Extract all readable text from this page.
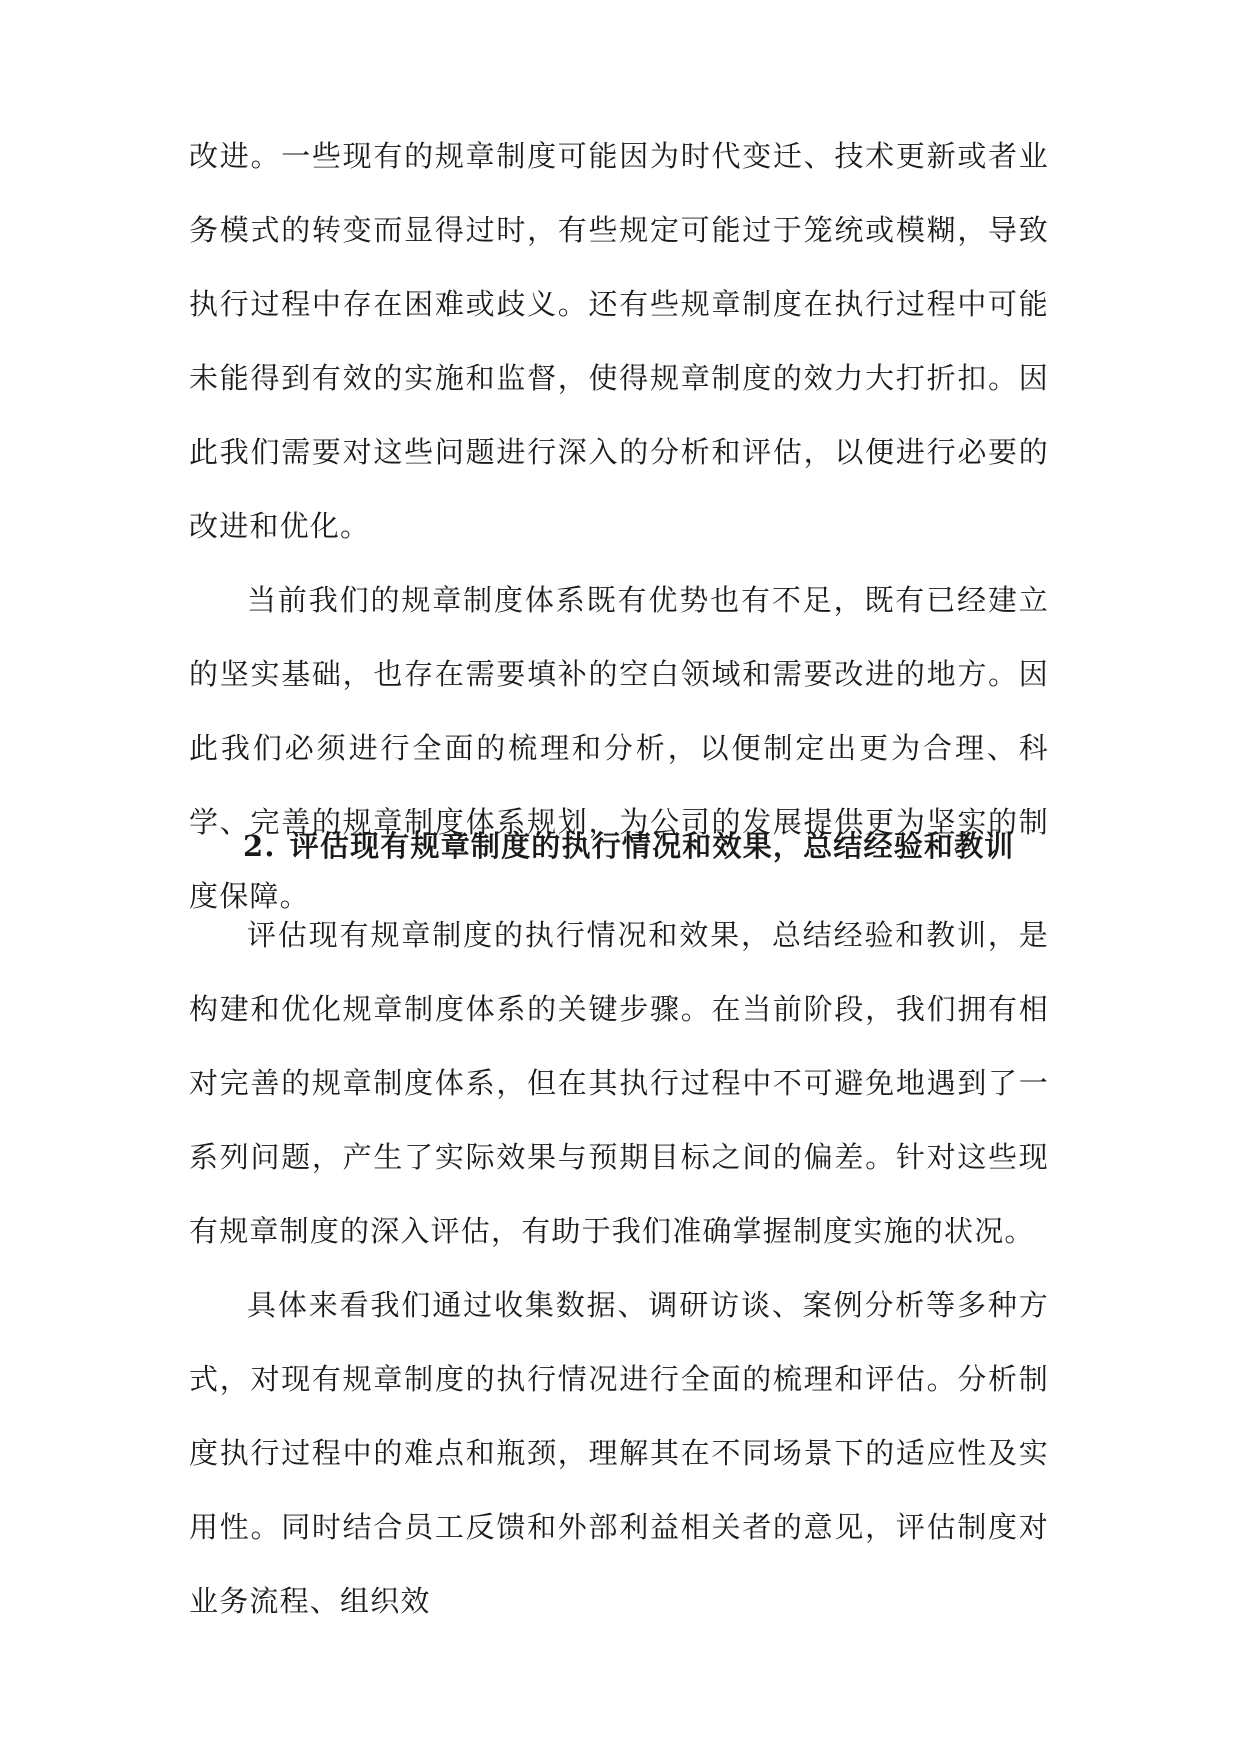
改进。一些现有的规章制度可能因为时代变迁、技术更新或者业务模式的转变而显得过时，有些规定可能过于笼统或模糊，导致执行过程中存在困难或歧义。还有些规章制度在执行过程中可能未能得到有效的实施和监督，使得规章制度的效力大打折扣。因此我们需要对这些问题进行深入的分析和评估，以便进行必要的改进和优化。

当前我们的规章制度体系既有优势也有不足，既有已经建立的坚实基础，也存在需要填补的空白领域和需要改进的地方。因此我们必须进行全面的梳理和分析，以便制定出更为合理、科学、完善的规章制度体系规划，为公司的发展提供更为坚实的制度保障。

2. 评估现有规章制度的执行情况和效果，总结经验和教训

评估现有规章制度的执行情况和效果，总结经验和教训，是构建和优化规章制度体系的关键步骤。在当前阶段，我们拥有相对完善的规章制度体系，但在其执行过程中不可避免地遇到了一系列问题，产生了实际效果与预期目标之间的偏差。针对这些现有规章制度的深入评估，有助于我们准确掌握制度实施的状况。

具体来看我们通过收集数据、调研访谈、案例分析等多种方式，对现有规章制度的执行情况进行全面的梳理和评估。分析制度执行过程中的难点和瓶颈，理解其在不同场景下的适应性及实用性。同时结合员工反馈和外部利益相关者的意见，评估制度对业务流程、组织效
